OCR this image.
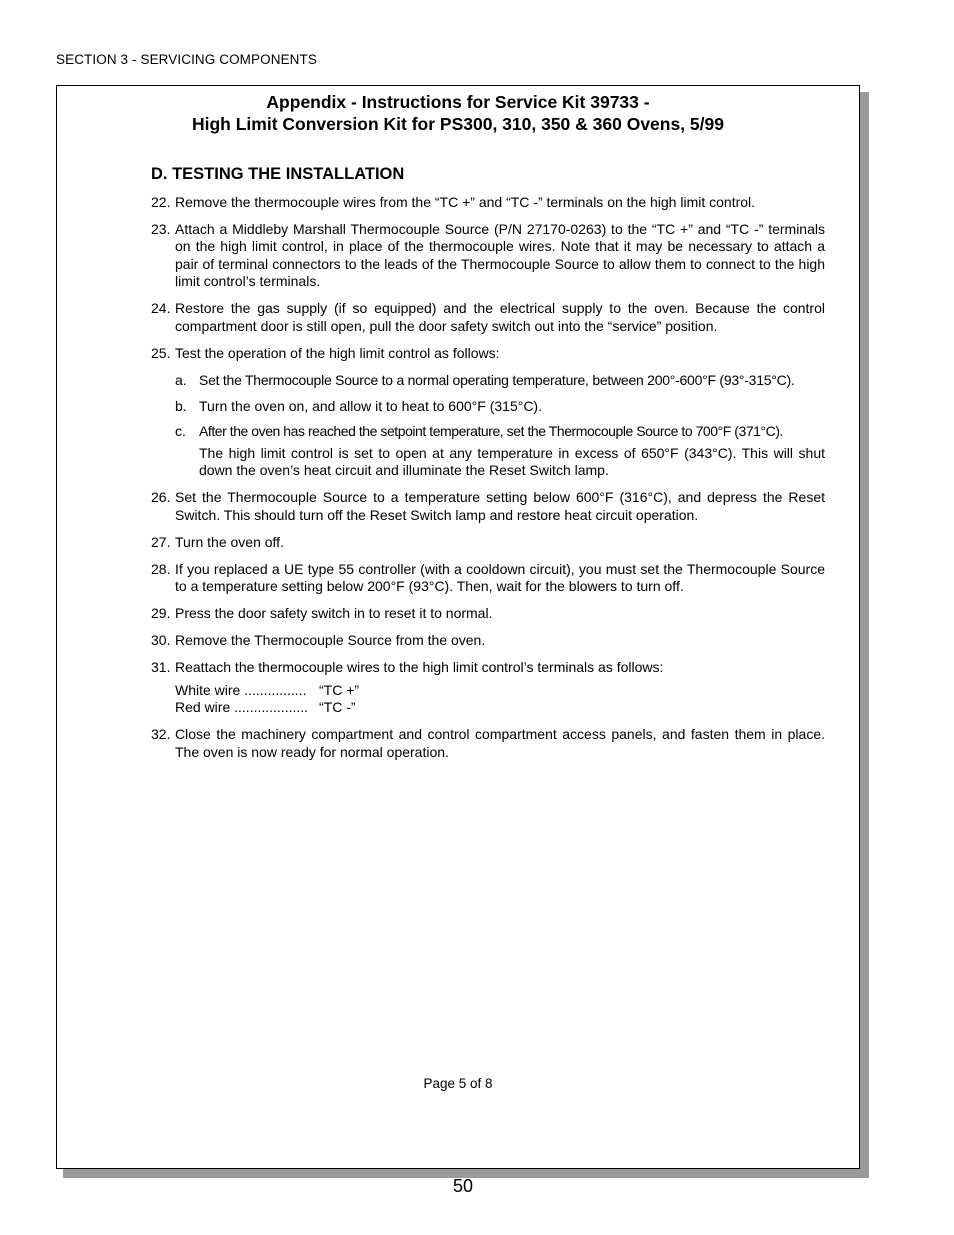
SECTION 3 - SERVICING COMPONENTS
Appendix - Instructions for Service Kit 39733 -
High Limit Conversion Kit for PS300, 310, 350 & 360 Ovens, 5/99
D. TESTING THE INSTALLATION
22. Remove the thermocouple wires from the “TC +” and “TC -” terminals on the high limit control.
23. Attach a Middleby Marshall Thermocouple Source (P/N 27170-0263) to the “TC +” and “TC -” terminals on the high limit control, in place of the thermocouple wires. Note that it may be necessary to attach a pair of terminal connectors to the leads of the Thermocouple Source to allow them to connect to the high limit control’s terminals.
24. Restore the gas supply (if so equipped) and the electrical supply to the oven. Because the control compartment door is still open, pull the door safety switch out into the “service” position.
25. Test the operation of the high limit control as follows:
a. Set the Thermocouple Source to a normal operating temperature, between 200°-600°F (93°-315°C).
b. Turn the oven on, and allow it to heat to 600°F (315°C).
c. After the oven has reached the setpoint temperature, set the Thermocouple Source to 700°F (371°C).
The high limit control is set to open at any temperature in excess of 650°F (343°C). This will shut down the oven’s heat circuit and illuminate the Reset Switch lamp.
26. Set the Thermocouple Source to a temperature setting below 600°F (316°C), and depress the Reset Switch. This should turn off the Reset Switch lamp and restore heat circuit operation.
27. Turn the oven off.
28. If you replaced a UE type 55 controller (with a cooldown circuit), you must set the Thermocouple Source to a temperature setting below 200°F (93°C). Then, wait for the blowers to turn off.
29. Press the door safety switch in to reset it to normal.
30. Remove the Thermocouple Source from the oven.
31. Reattach the thermocouple wires to the high limit control’s terminals as follows:
White wire ................ “TC +”
Red wire ................... “TC -”
32. Close the machinery compartment and control compartment access panels, and fasten them in place. The oven is now ready for normal operation.
Page 5 of 8
50
